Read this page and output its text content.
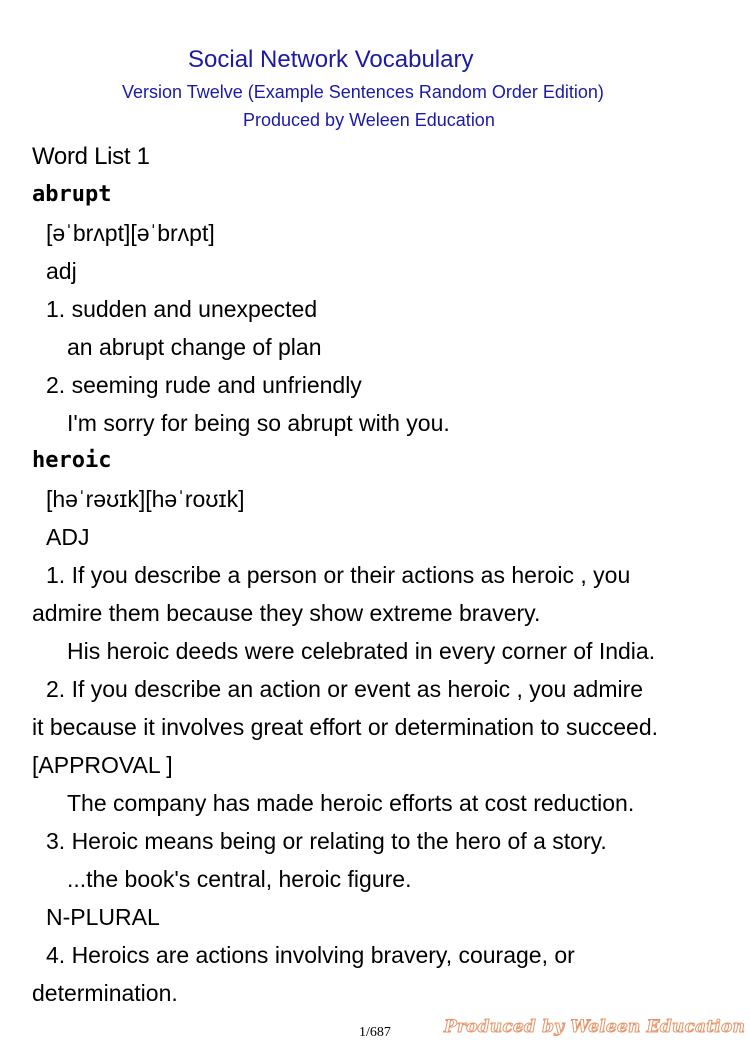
Social Network Vocabulary
Version Twelve (Example Sentences Random Order Edition)
Produced by Weleen Education
Word List 1
abrupt
[əˈbrʌpt][əˈbrʌpt]
adj
1. sudden and unexpected
an abrupt change of plan
2. seeming rude and unfriendly
I'm sorry for being so abrupt with you.
heroic
[həˈrəʊɪk][həˈroʊɪk]
ADJ
1. If you describe a person or their actions as heroic , you
admire them because they show extreme bravery.
His heroic deeds were celebrated in every corner of India.
2. If you describe an action or event as heroic , you admire
it because it involves great effort or determination to succeed.
[APPROVAL ]
The company has made heroic efforts at cost reduction.
3. Heroic means being or relating to the hero of a story.
...the book's central, heroic figure.
N-PLURAL
4. Heroics are actions involving bravery, courage, or
determination.
1/687	Produced by Weleen Education
